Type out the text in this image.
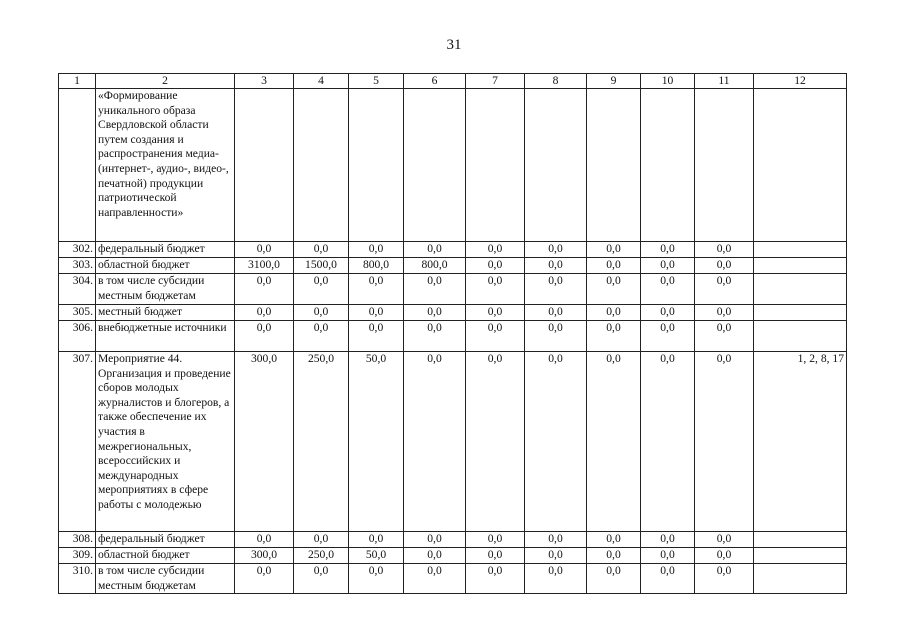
31
1	2	3	4	5	6	7	8	9	10	11	12
	«Формирование уникального образа Свердловской области путем создания и распространения медиа- (интернет-, аудио-, видео-, печатной) продукции патриотической направленности»										
302.	федеральный бюджет	0,0	0,0	0,0	0,0	0,0	0,0	0,0	0,0	0,0	
303.	областной бюджет	3100,0	1500,0	800,0	800,0	0,0	0,0	0,0	0,0	0,0	
304.	в том числе субсидии местным бюджетам	0,0	0,0	0,0	0,0	0,0	0,0	0,0	0,0	0,0	
305.	местный бюджет	0,0	0,0	0,0	0,0	0,0	0,0	0,0	0,0	0,0	
306.	внебюджетные источники	0,0	0,0	0,0	0,0	0,0	0,0	0,0	0,0	0,0	
307.	Мероприятие 44. Организация и проведение сборов молодых журналистов и блогеров, а также обеспечение их участия в межрегиональных, всероссийских и международных мероприятиях в сфере работы с молодежью	300,0	250,0	50,0	0,0	0,0	0,0	0,0	0,0	0,0	1, 2, 8, 17
308.	федеральный бюджет	0,0	0,0	0,0	0,0	0,0	0,0	0,0	0,0	0,0	
309.	областной бюджет	300,0	250,0	50,0	0,0	0,0	0,0	0,0	0,0	0,0	
310.	в том числе субсидии местным бюджетам	0,0	0,0	0,0	0,0	0,0	0,0	0,0	0,0	0,0	
